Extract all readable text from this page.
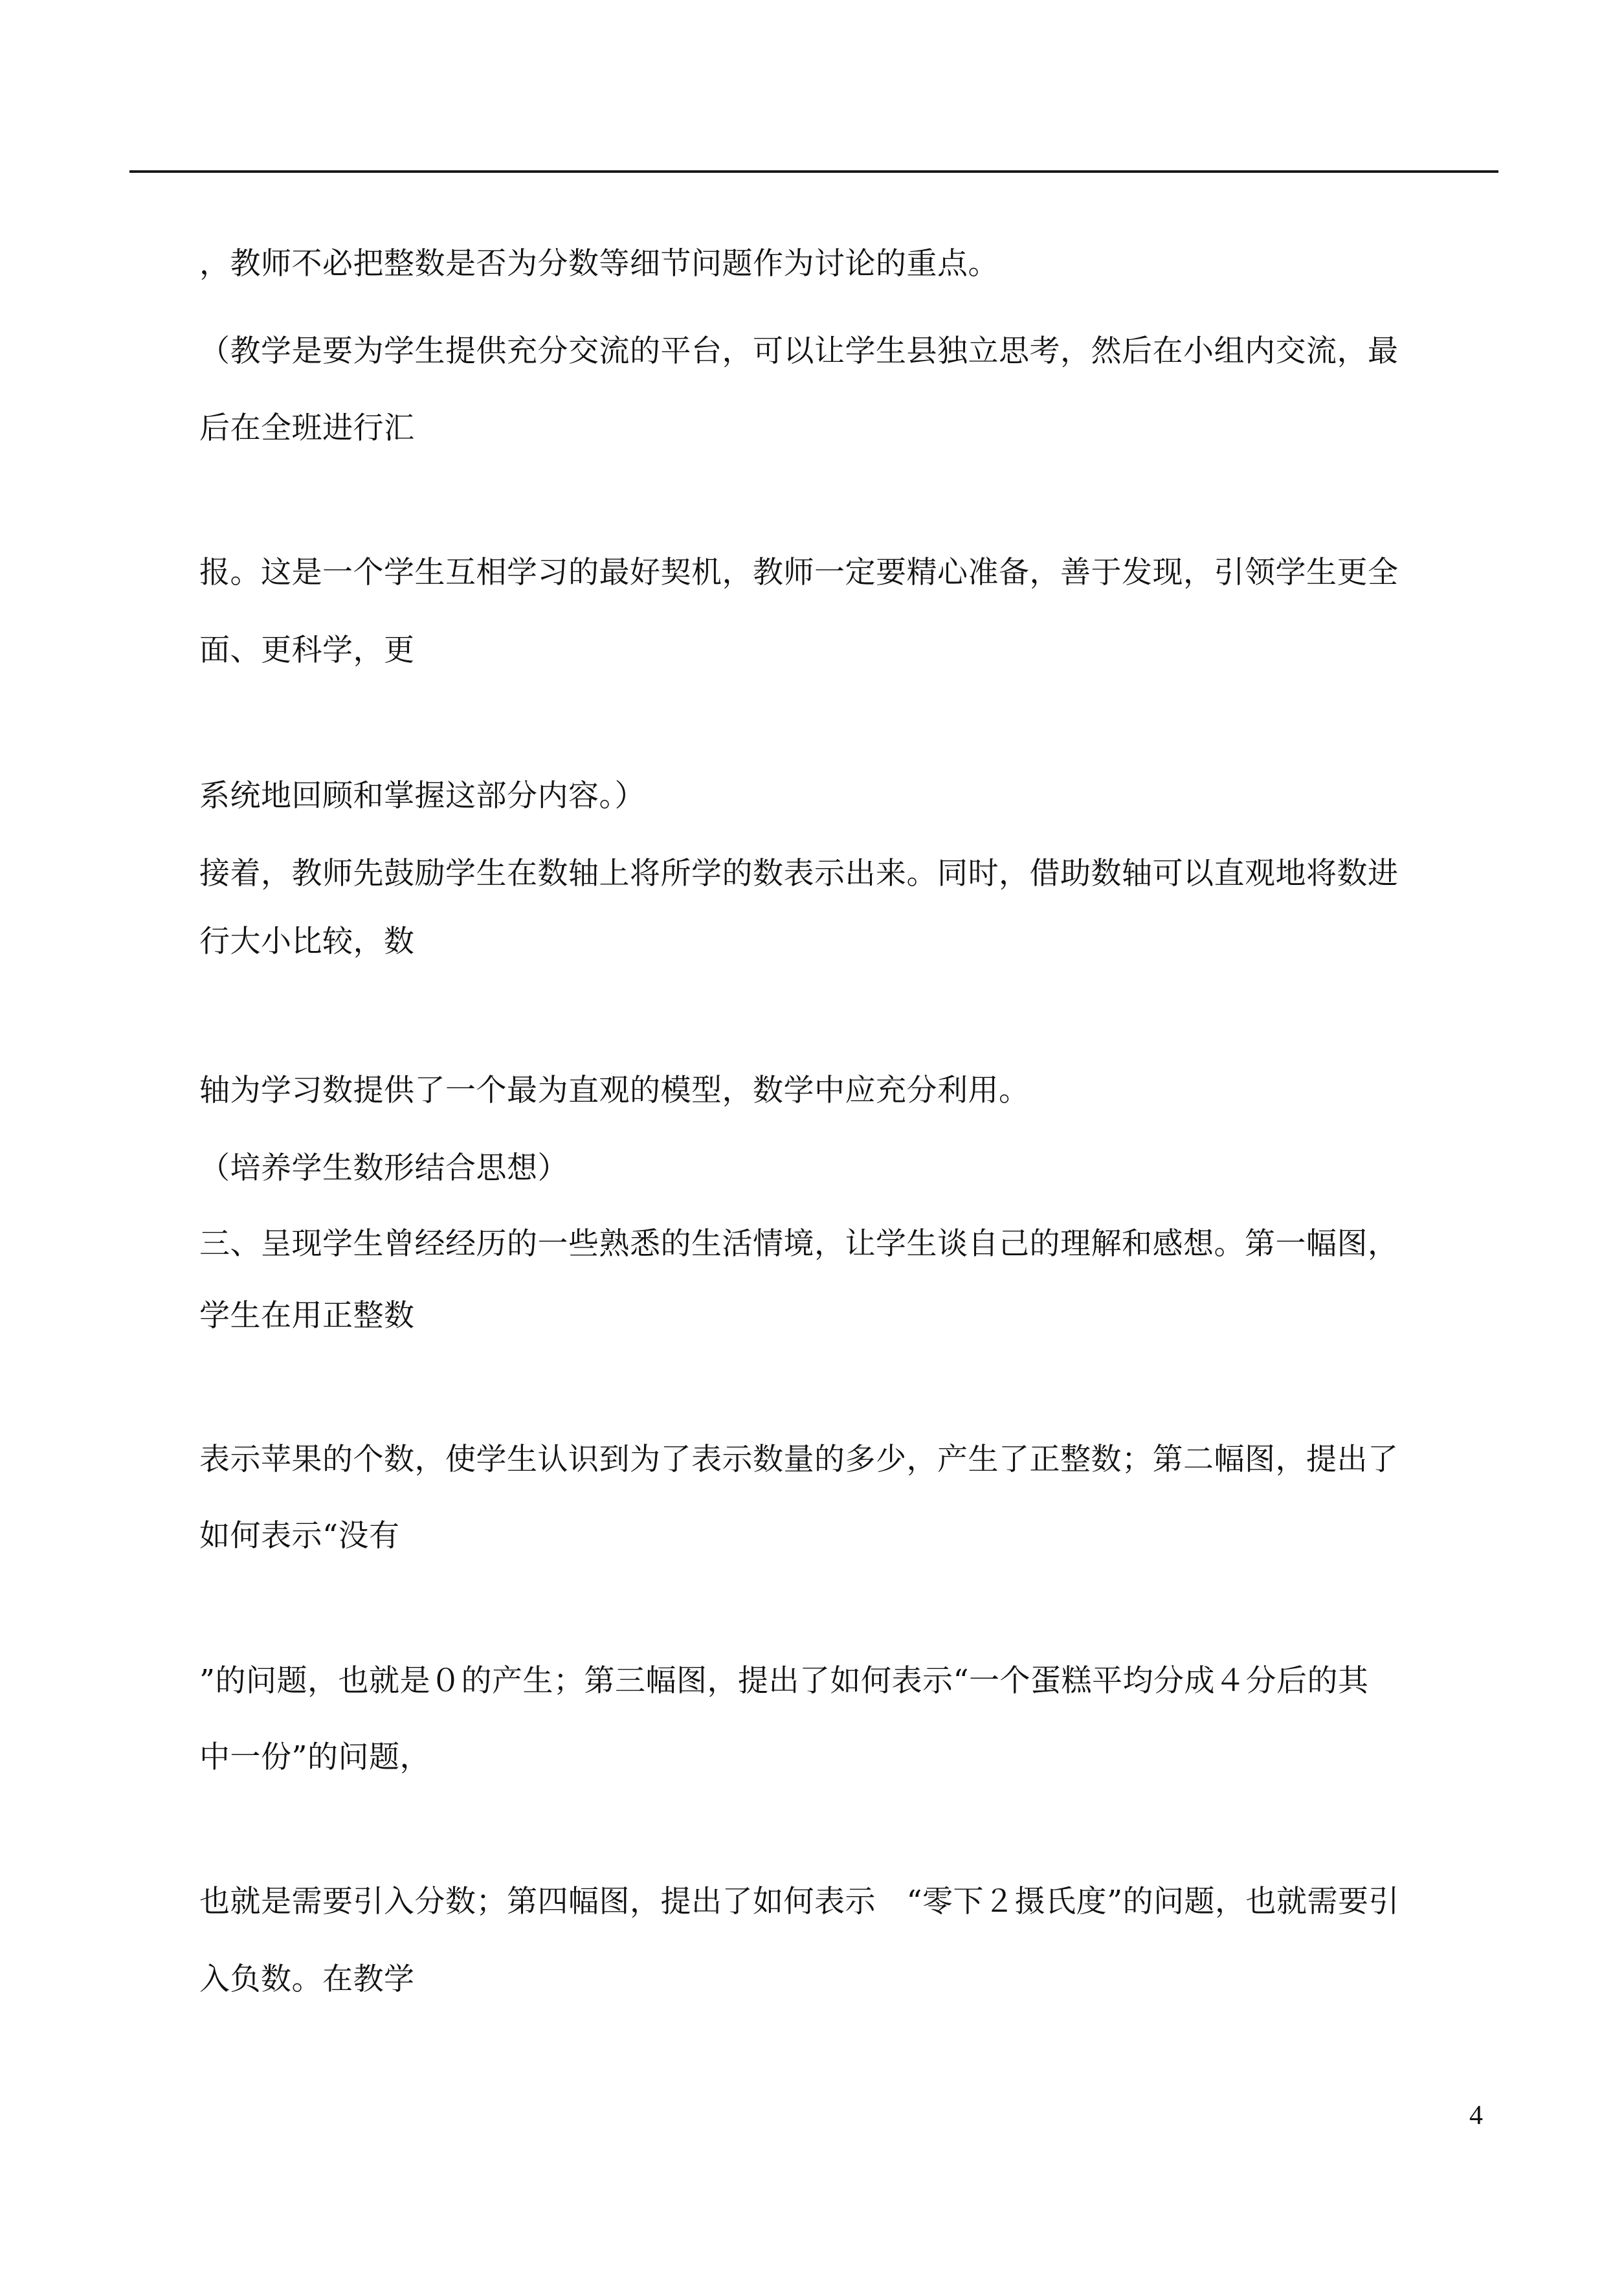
，教师不必把整数是否为分数等细节问题作为讨论的重点。
（教学是要为学生提供充分交流的平台，可以让学生县独立思考，然后在小组内交流，最
后在全班进行汇
报。这是一个学生互相学习的最好契机，教师一定要精心准备，善于发现，引领学生更全
面、更科学，更
系统地回顾和掌握这部分内容。）
接着，教师先鼓励学生在数轴上将所学的数表示出来。同时，借助数轴可以直观地将数进
行大小比较，数
轴为学习数提供了一个最为直观的模型，数学中应充分利用。
（培养学生数形结合思想）
三、呈现学生曾经经历的一些熟悉的生活情境，让学生谈自己的理解和感想。第一幅图，
学生在用正整数
表示苹果的个数，使学生认识到为了表示数量的多少，产生了正整数；第二幅图，提出了
如何表示“没有
”的问题，也就是０的产生；第三幅图，提出了如何表示“一个蛋糕平均分成４分后的其
中一份”的问题，
也就是需要引入分数；第四幅图，提出了如何表示　“零下２摄氏度”的问题，也就需要引
入负数。在教学
4
